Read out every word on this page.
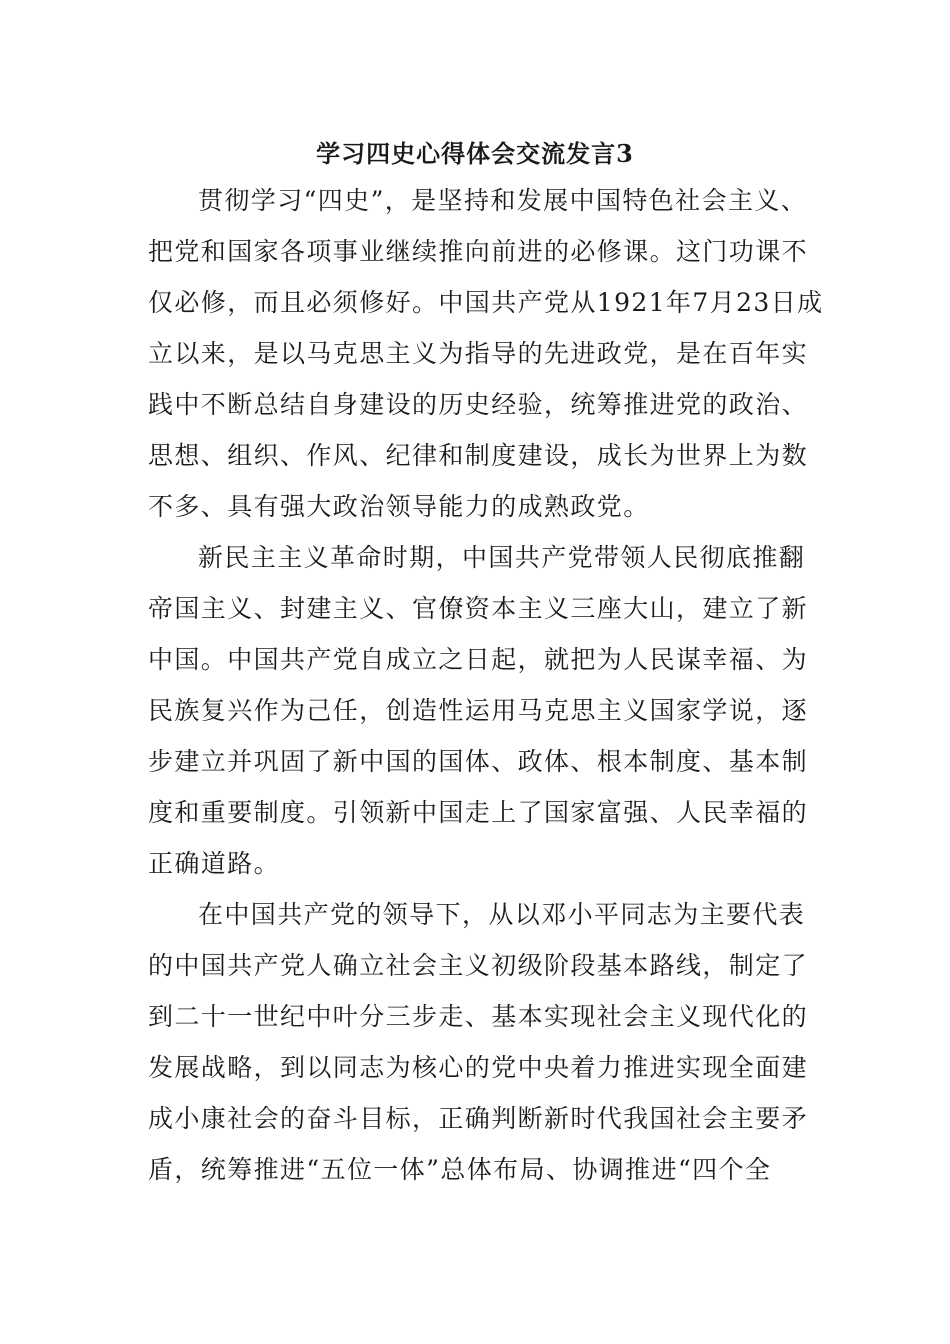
学习四史心得体会交流发言3
贯彻学习“四史”，是坚持和发展中国特色社会主义、
把党和国家各项事业继续推向前进的必修课。这门功课不
仅必修，而且必须修好。中国共产党从1921年7月23日成
立以来，是以马克思主义为指导的先进政党，是在百年实
践中不断总结自身建设的历史经验，统筹推进党的政治、
思想、组织、作风、纪律和制度建设，成长为世界上为数
不多、具有强大政治领导能力的成熟政党。
新民主主义革命时期，中国共产党带领人民彻底推翻
帝国主义、封建主义、官僚资本主义三座大山，建立了新
中国。中国共产党自成立之日起，就把为人民谋幸福、为
民族复兴作为己任，创造性运用马克思主义国家学说，逐
步建立并巩固了新中国的国体、政体、根本制度、基本制
度和重要制度。引领新中国走上了国家富强、人民幸福的
正确道路。
在中国共产党的领导下，从以邓小平同志为主要代表
的中国共产党人确立社会主义初级阶段基本路线，制定了
到二十一世纪中叶分三步走、基本实现社会主义现代化的
发展战略，到以同志为核心的党中央着力推进实现全面建
成小康社会的奋斗目标，正确判断新时代我国社会主要矛
盾，统筹推进“五位一体”总体布局、协调推进“四个全
